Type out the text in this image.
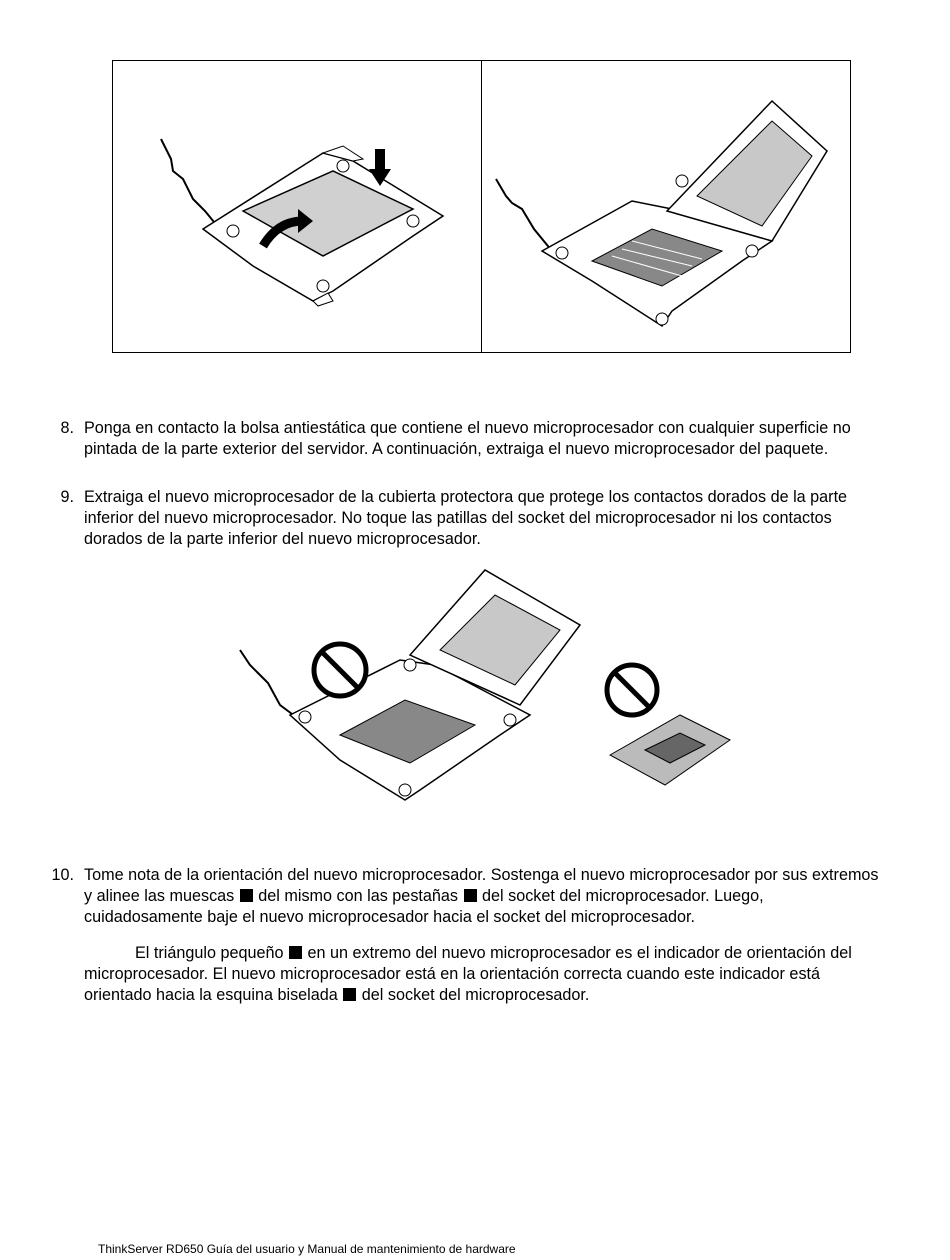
8. Ponga en contacto la bolsa antiestática que contiene el nuevo microprocesador con cualquier superficie no pintada de la parte exterior del servidor. A continuación, extraiga el nuevo microprocesador del paquete.
9. Extraiga el nuevo microprocesador de la cubierta protectora que protege los contactos dorados de la parte inferior del nuevo microprocesador. No toque las patillas del socket del microprocesador ni los contactos dorados de la parte inferior del nuevo microprocesador.
10. Tome nota de la orientación del nuevo microprocesador. Sostenga el nuevo microprocesador por sus extremos y alinee las muescas  del mismo con las pestañas  del socket del microprocesador. Luego, cuidadosamente baje el nuevo microprocesador hacia el socket del microprocesador.
El triángulo pequeño  en un extremo del nuevo microprocesador es el indicador de orientación del microprocesador. El nuevo microprocesador está en la orientación correcta cuando este indicador está orientado hacia la esquina biselada  del socket del microprocesador.
ThinkServer RD650 Guía del usuario y Manual de mantenimiento de hardware
